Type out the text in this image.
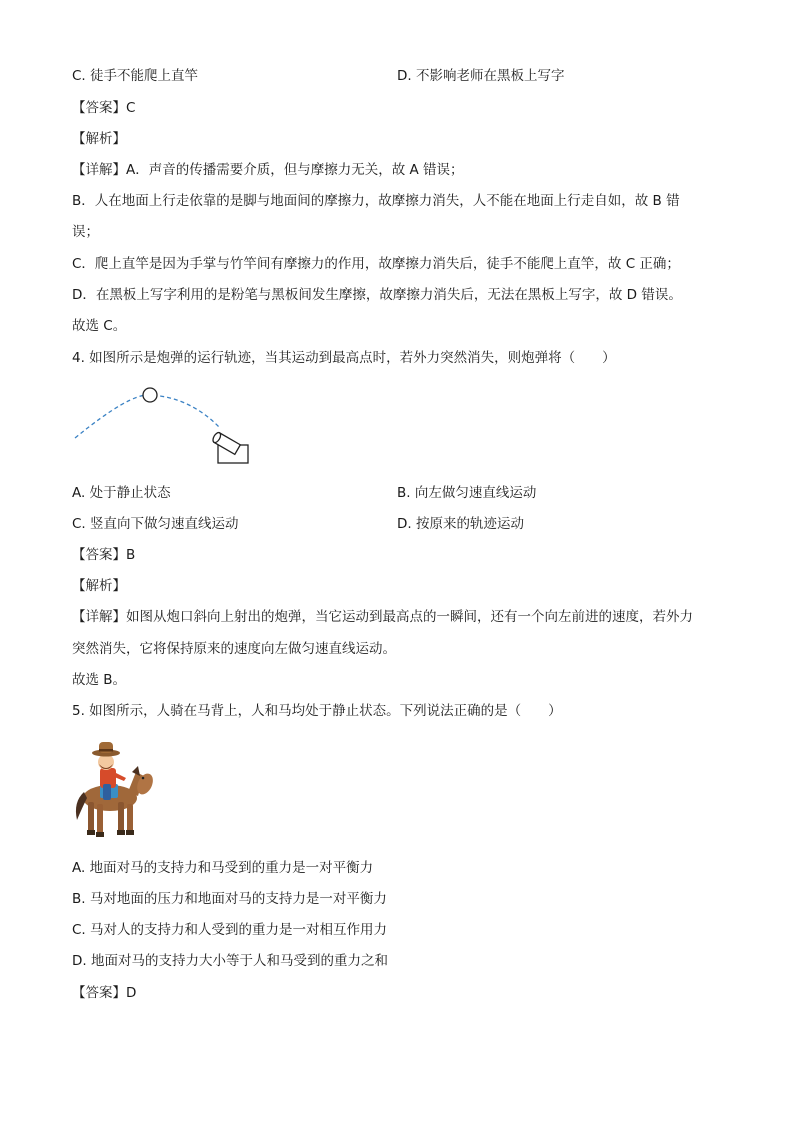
C. 徒手不能爬上直竿	D. 不影响老师在黑板上写字
【答案】C
【解析】
【详解】A．声音的传播需要介质，但与摩擦力无关，故 A 错误；
B．人在地面上行走依靠的是脚与地面间的摩擦力，故摩擦力消失，人不能在地面上行走自如，故 B 错
误；
C．爬上直竿是因为手掌与竹竿间有摩擦力的作用，故摩擦力消失后，徒手不能爬上直竿，故 C 正确；
D．在黑板上写字利用的是粉笔与黑板间发生摩擦，故摩擦力消失后，无法在黑板上写字，故 D 错误。
故选 C。
4. 如图所示是炮弹的运行轨迹，当其运动到最高点时，若外力突然消失，则炮弹将（　　）
A. 处于静止状态	B. 向左做匀速直线运动
C. 竖直向下做匀速直线运动	D. 按原来的轨迹运动
【答案】B
【解析】
【详解】如图从炮口斜向上射出的炮弹，当它运动到最高点的一瞬间，还有一个向左前进的速度，若外力
突然消失，它将保持原来的速度向左做匀速直线运动。
故选 B。
5. 如图所示，人骑在马背上，人和马均处于静止状态。下列说法正确的是（　　）
A. 地面对马的支持力和马受到的重力是一对平衡力
B. 马对地面的压力和地面对马的支持力是一对平衡力
C. 马对人的支持力和人受到的重力是一对相互作用力
D. 地面对马的支持力大小等于人和马受到的重力之和
【答案】D
